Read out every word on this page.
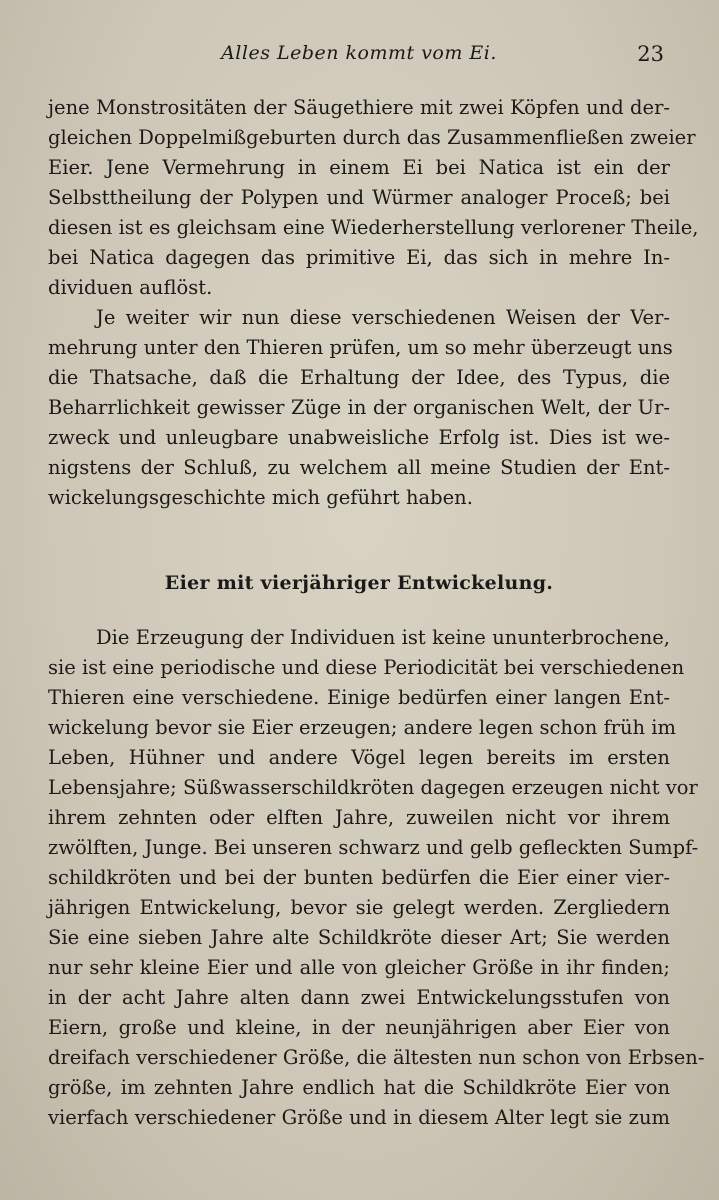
Alles Leben kommt vom Ei.	23
jene Monstrositäten der Säugethiere mit zwei Köpfen und der-
gleichen Doppelmißgeburten durch das Zusammenfließen zweier
Eier. Jene Vermehrung in einem Ei bei Natica ist ein der
Selbsttheilung der Polypen und Würmer analoger Proceß; bei
diesen ist es gleichsam eine Wiederherstellung verlorener Theile,
bei Natica dagegen das primitive Ei, das sich in mehre In-
dividuen auflöst.
Je weiter wir nun diese verschiedenen Weisen der Ver-
mehrung unter den Thieren prüfen, um so mehr überzeugt uns
die Thatsache, daß die Erhaltung der Idee, des Typus, die
Beharrlichkeit gewisser Züge in der organischen Welt, der Ur-
zweck und unleugbare unabweisliche Erfolg ist. Dies ist we-
nigstens der Schluß, zu welchem all meine Studien der Ent-
wickelungsgeschichte mich geführt haben.
Eier mit vierjähriger Entwickelung.
Die Erzeugung der Individuen ist keine ununterbrochene,
sie ist eine periodische und diese Periodicität bei verschiedenen
Thieren eine verschiedene. Einige bedürfen einer langen Ent-
wickelung bevor sie Eier erzeugen; andere legen schon früh im
Leben, Hühner und andere Vögel legen bereits im ersten
Lebensjahre; Süßwasserschildkröten dagegen erzeugen nicht vor
ihrem zehnten oder elften Jahre, zuweilen nicht vor ihrem
zwölften, Junge. Bei unseren schwarz und gelb gefleckten Sumpf-
schildkröten und bei der bunten bedürfen die Eier einer vier-
jährigen Entwickelung, bevor sie gelegt werden. Zergliedern
Sie eine sieben Jahre alte Schildkröte dieser Art; Sie werden
nur sehr kleine Eier und alle von gleicher Größe in ihr finden;
in der acht Jahre alten dann zwei Entwickelungsstufen von
Eiern, große und kleine, in der neunjährigen aber Eier von
dreifach verschiedener Größe, die ältesten nun schon von Erbsen-
größe, im zehnten Jahre endlich hat die Schildkröte Eier von
vierfach verschiedener Größe und in diesem Alter legt sie zum
